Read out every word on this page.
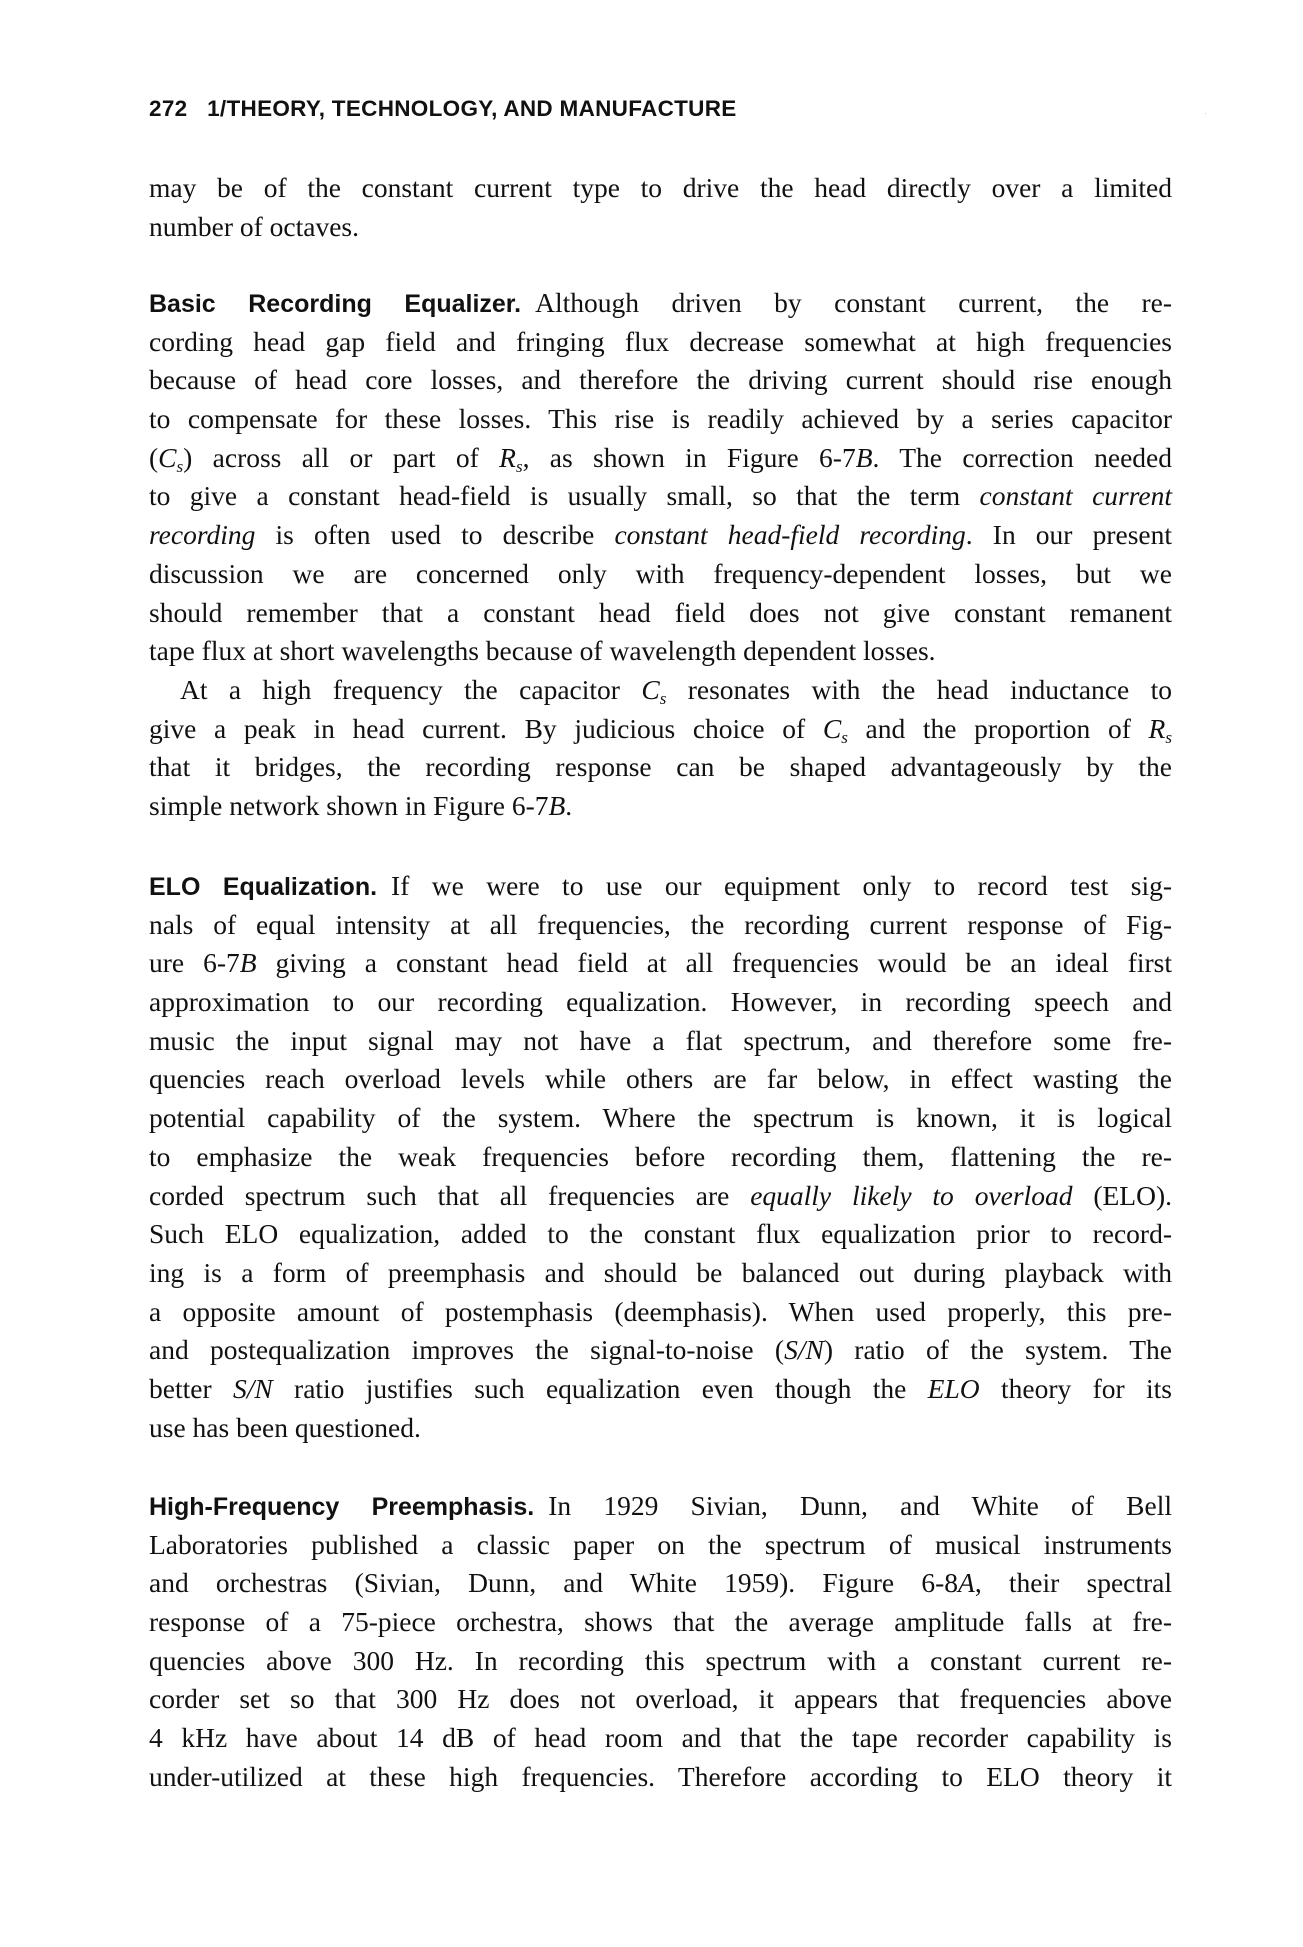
272 1/THEORY, TECHNOLOGY, AND MANUFACTURE
may be of the constant current type to drive the head directly over a limited
number of octaves.
Basic Recording Equalizer. Although driven by constant current, the re-
cording head gap field and fringing flux decrease somewhat at high frequencies
because of head core losses, and therefore the driving current should rise enough
to compensate for these losses. This rise is readily achieved by a series capacitor
$(C_s)$ across all or part of $R_s$, as shown in Figure 6-7B. The correction needed
to give a constant head-field is usually small, so that the term constant current
recording is often used to describe constant head-field recording. In our present
discussion we are concerned only with frequency-dependent losses, but we
should remember that a constant head field does not give constant remanent
tape flux at short wavelengths because of wavelength dependent losses.
At a high frequency the capacitor $C_s$ resonates with the head inductance to
give a peak in head current. By judicious choice of $C_s$ and the proportion of $R_s$
that it bridges, the recording response can be shaped advantageously by the
simple network shown in Figure 6-7B.
ELO Equalization. If we were to use our equipment only to record test sig-
nals of equal intensity at all frequencies, the recording current response of Fig-
ure 6-7B giving a constant head field at all frequencies would be an ideal first
approximation to our recording equalization. However, in recording speech and
music the input signal may not have a flat spectrum, and therefore some fre-
quencies reach overload levels while others are far below, in effect wasting the
potential capability of the system. Where the spectrum is known, it is logical
to emphasize the weak frequencies before recording them, flattening the re-
corded spectrum such that all frequencies are equally likely to overload (ELO).
Such ELO equalization, added to the constant flux equalization prior to record-
ing is a form of preemphasis and should be balanced out during playback with
a opposite amount of postemphasis (deemphasis). When used properly, this pre-
and postequalization improves the signal-to-noise (S/N) ratio of the system. The
better S/N ratio justifies such equalization even though the ELO theory for its
use has been questioned.
High-Frequency Preemphasis. In 1929 Sivian, Dunn, and White of Bell
Laboratories published a classic paper on the spectrum of musical instruments
and orchestras (Sivian, Dunn, and White 1959). Figure 6-8A, their spectral
response of a 75-piece orchestra, shows that the average amplitude falls at fre-
quencies above 300 Hz. In recording this spectrum with a constant current re-
corder set so that 300 Hz does not overload, it appears that frequencies above
4 kHz have about 14 dB of head room and that the tape recorder capability is
under-utilized at these high frequencies. Therefore according to ELO theory it
